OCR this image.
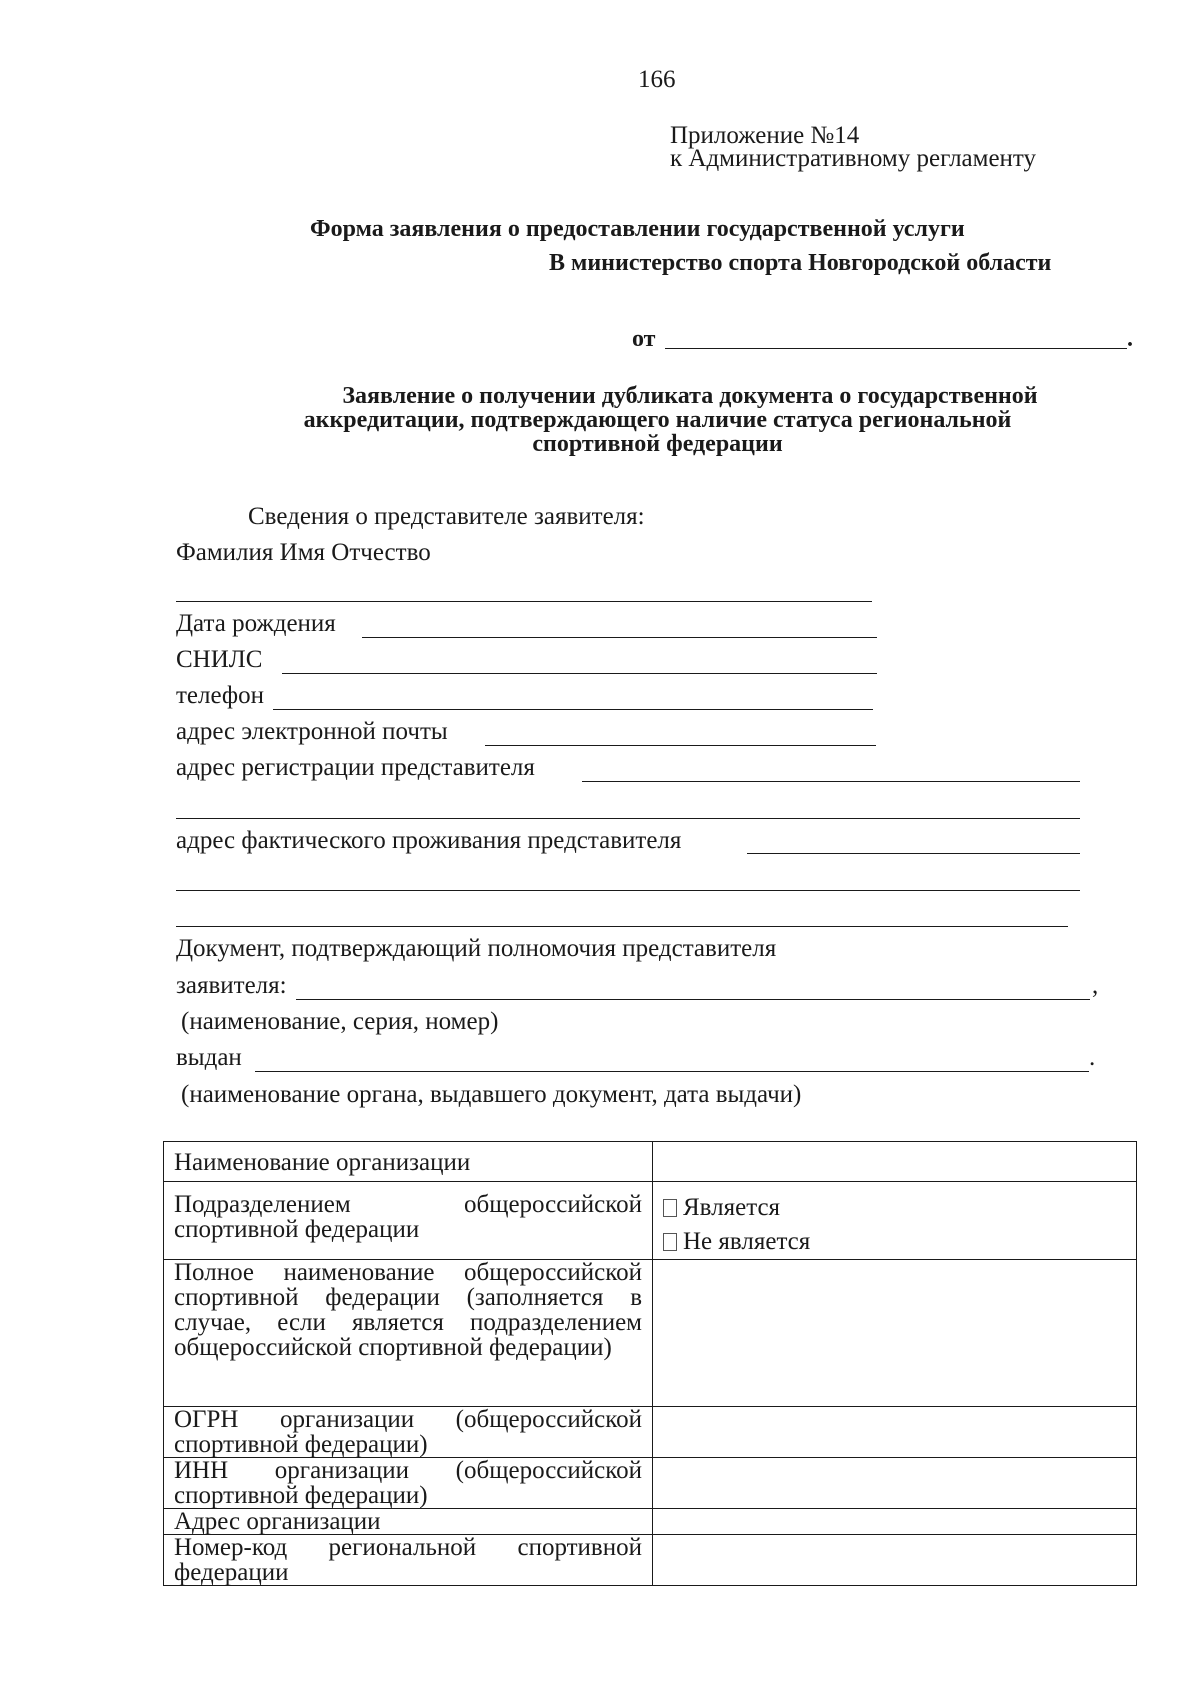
166
Приложение №14
к Административному регламенту
Форма заявления о предоставлении государственной услуги
В министерство спорта Новгородской области
от	.
Заявление о получении дубликата документа о государственной
аккредитации, подтверждающего наличие статуса региональной
спортивной федерации
Сведения о представителе заявителя:
Фамилия Имя Отчество
Дата рождения
СНИЛС
телефон
адрес электронной почты
адрес регистрации представителя
адрес фактического проживания представителя
Документ, подтверждающий полномочия представителя
заявителя:	,
(наименование, серия, номер)
выдан	.
(наименование органа, выдавшего документ, дата выдачи)
Наименование организации	
Подразделением общероссийской спортивной федерации	Является
Не является

Полное наименование общероссийской спортивной федерации (заполняется в случае, если является подразделением общероссийской спортивной федерации)	
ОГРН организации (общероссийской спортивной федерации)	
ИНН организации (общероссийской спортивной федерации)	
Адрес организации	
Номер-код региональной спортивной федерации	
